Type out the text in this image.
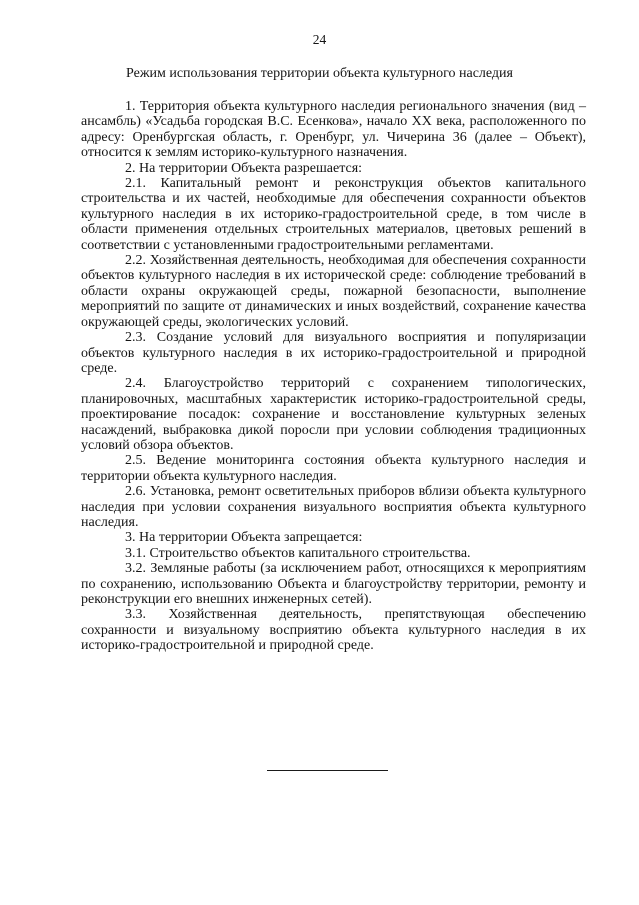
24
Режим использования территории объекта культурного наследия

1. Территория объекта культурного наследия регионального значения (вид – ансамбль) «Усадьба городская В.С. Есенкова», начало XX века, расположенного по адресу: Оренбургская область, г. Оренбург, ул. Чичерина 36 (далее – Объект), относится к землям историко-культурного назначения.

2. На территории Объекта разрешается:

2.1. Капитальный ремонт и реконструкция объектов капитального строительства и их частей, необходимые для обеспечения сохранности объектов культурного наследия в их историко-градостроительной среде, в том числе в области применения отдельных строительных материалов, цветовых решений в соответствии с установленными градостроительными регламентами.

2.2. Хозяйственная деятельность, необходимая для обеспечения сохранности объектов культурного наследия в их исторической среде: соблюдение требований в области охраны окружающей среды, пожарной безопасности, выполнение мероприятий по защите от динамических и иных воздействий, сохранение качества окружающей среды, экологических условий.

2.3. Создание условий для визуального восприятия и популяризации объектов культурного наследия в их историко-градостроительной и природной среде.

2.4. Благоустройство территорий с сохранением типологических, планировочных, масштабных характеристик историко-градостроительной среды, проектирование посадок: сохранение и восстановление культурных зеленых насаждений, выбраковка дикой поросли при условии соблюдения традиционных условий обзора объектов.

2.5. Ведение мониторинга состояния объекта культурного наследия и территории объекта культурного наследия.

2.6. Установка, ремонт осветительных приборов вблизи объекта культурного наследия при условии сохранения визуального восприятия объекта культурного наследия.

3. На территории Объекта запрещается:

3.1. Строительство объектов капитального строительства.

3.2. Земляные работы (за исключением работ, относящихся к мероприятиям по сохранению, использованию Объекта и благоустройству территории, ремонту и реконструкции его внешних инженерных сетей).

3.3. Хозяйственная деятельность, препятствующая обеспечению сохранности и визуальному восприятию объекта культурного наследия в их историко-градостроительной и природной среде.
